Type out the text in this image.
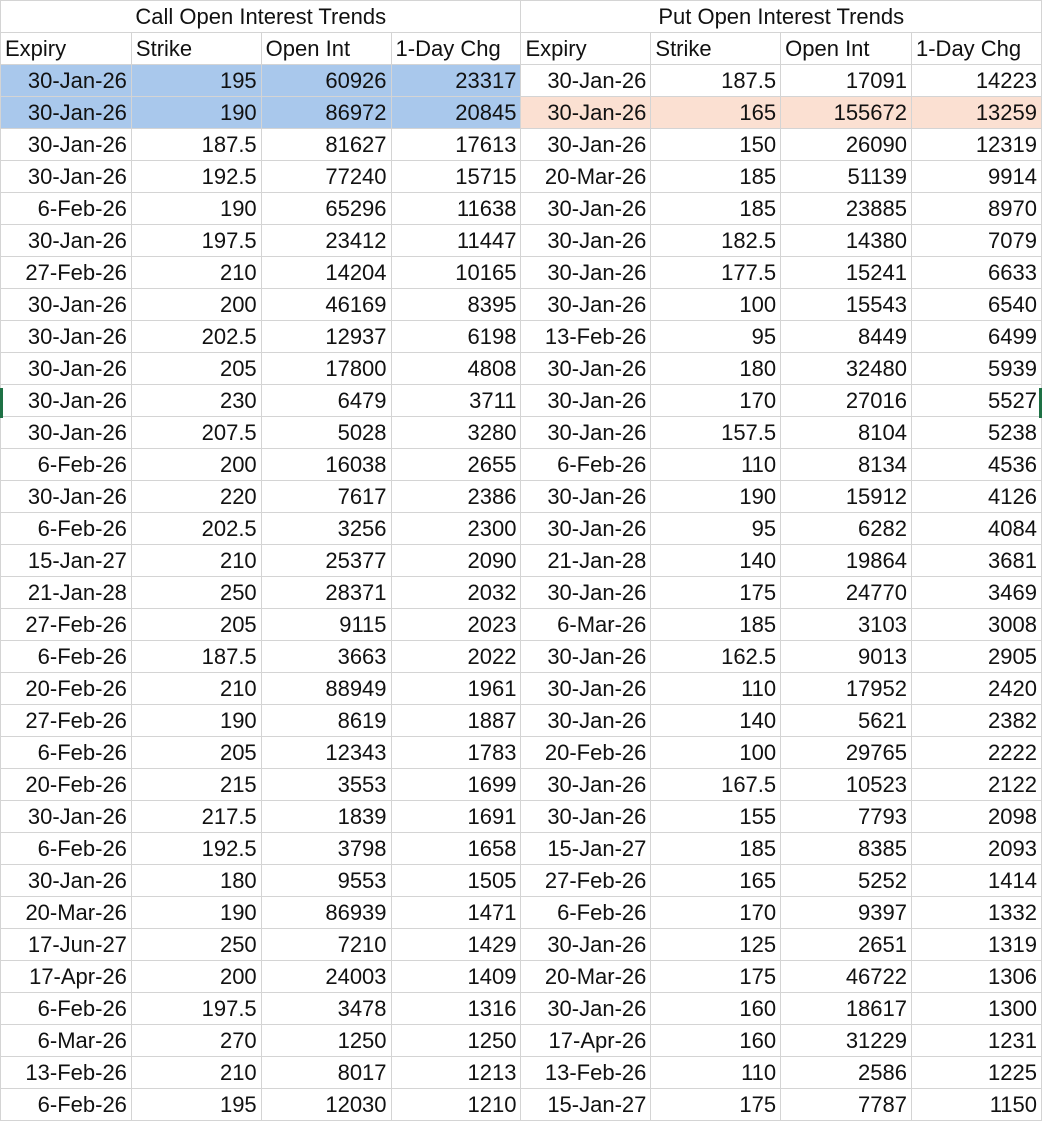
Call Open Interest Trends				Put Open Interest Trends			
Expiry	Strike	Open Int	1-Day Chg	Expiry	Strike	Open Int	1-Day Chg
30-Jan-26	195	60926	23317	30-Jan-26	187.5	17091	14223
30-Jan-26	190	86972	20845	30-Jan-26	165	155672	13259
30-Jan-26	187.5	81627	17613	30-Jan-26	150	26090	12319
30-Jan-26	192.5	77240	15715	20-Mar-26	185	51139	9914
6-Feb-26	190	65296	11638	30-Jan-26	185	23885	8970
30-Jan-26	197.5	23412	11447	30-Jan-26	182.5	14380	7079
27-Feb-26	210	14204	10165	30-Jan-26	177.5	15241	6633
30-Jan-26	200	46169	8395	30-Jan-26	100	15543	6540
30-Jan-26	202.5	12937	6198	13-Feb-26	95	8449	6499
30-Jan-26	205	17800	4808	30-Jan-26	180	32480	5939
30-Jan-26	230	6479	3711	30-Jan-26	170	27016	5527
30-Jan-26	207.5	5028	3280	30-Jan-26	157.5	8104	5238
6-Feb-26	200	16038	2655	6-Feb-26	110	8134	4536
30-Jan-26	220	7617	2386	30-Jan-26	190	15912	4126
6-Feb-26	202.5	3256	2300	30-Jan-26	95	6282	4084
15-Jan-27	210	25377	2090	21-Jan-28	140	19864	3681
21-Jan-28	250	28371	2032	30-Jan-26	175	24770	3469
27-Feb-26	205	9115	2023	6-Mar-26	185	3103	3008
6-Feb-26	187.5	3663	2022	30-Jan-26	162.5	9013	2905
20-Feb-26	210	88949	1961	30-Jan-26	110	17952	2420
27-Feb-26	190	8619	1887	30-Jan-26	140	5621	2382
6-Feb-26	205	12343	1783	20-Feb-26	100	29765	2222
20-Feb-26	215	3553	1699	30-Jan-26	167.5	10523	2122
30-Jan-26	217.5	1839	1691	30-Jan-26	155	7793	2098
6-Feb-26	192.5	3798	1658	15-Jan-27	185	8385	2093
30-Jan-26	180	9553	1505	27-Feb-26	165	5252	1414
20-Mar-26	190	86939	1471	6-Feb-26	170	9397	1332
17-Jun-27	250	7210	1429	30-Jan-26	125	2651	1319
17-Apr-26	200	24003	1409	20-Mar-26	175	46722	1306
6-Feb-26	197.5	3478	1316	30-Jan-26	160	18617	1300
6-Mar-26	270	1250	1250	17-Apr-26	160	31229	1231
13-Feb-26	210	8017	1213	13-Feb-26	110	2586	1225
6-Feb-26	195	12030	1210	15-Jan-27	175	7787	1150
